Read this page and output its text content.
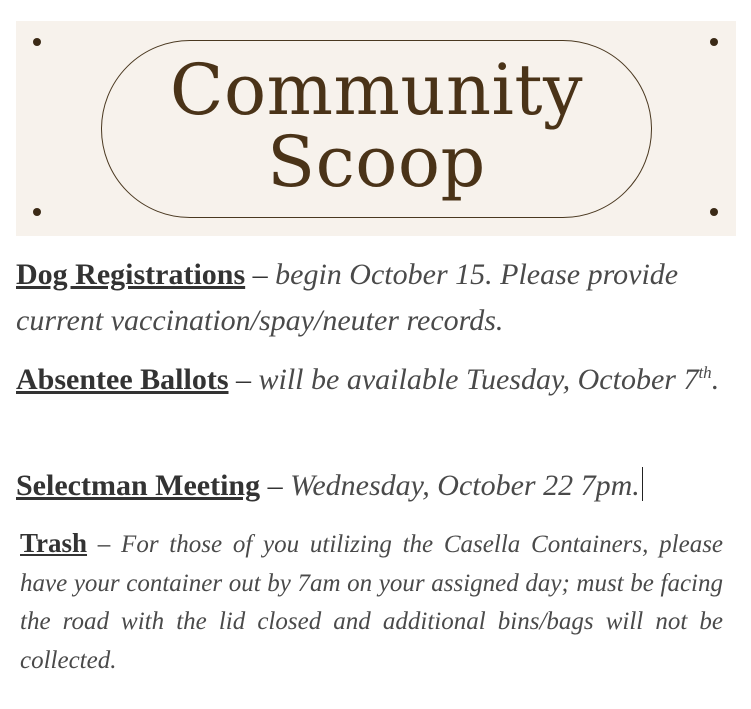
Community
Scoop
Dog Registrations – begin October 15. Please provide current vaccination/spay/neuter records.
Absentee Ballots – will be available Tuesday, October 7th.
Selectman Meeting – Wednesday, October 22 7pm.
Trash – For those of you utilizing the Casella Containers, please have your container out by 7am on your assigned day; must be facing the road with the lid closed and additional bins/bags will not be collected.
